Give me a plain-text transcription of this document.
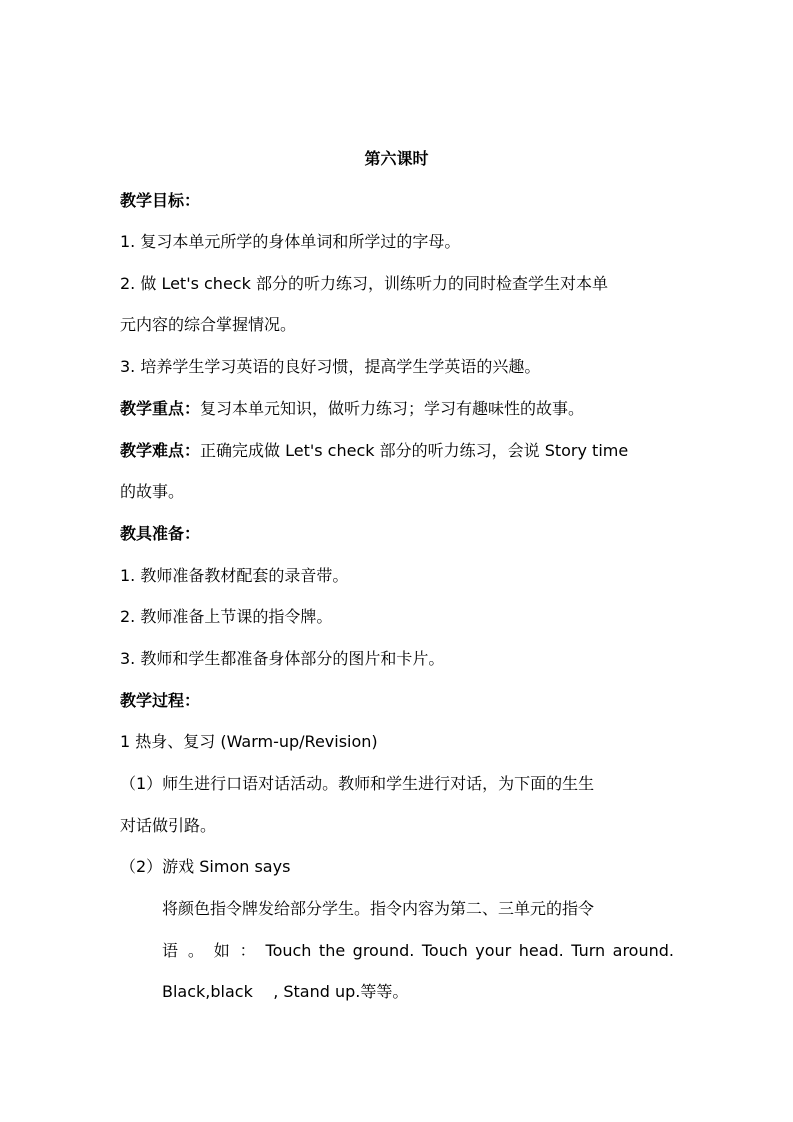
第六课时
教学目标：
1. 复习本单元所学的身体单词和所学过的字母。
2. 做 Let's check 部分的听力练习，训练听力的同时检查学生对本单
元内容的综合掌握情况。
3. 培养学生学习英语的良好习惯，提高学生学英语的兴趣。
教学重点：复习本单元知识，做听力练习；学习有趣味性的故事。
教学难点：正确完成做 Let's check 部分的听力练习，会说 Story time
的故事。
教具准备：
1. 教师准备教材配套的录音带。
2. 教师准备上节课的指令牌。
3. 教师和学生都准备身体部分的图片和卡片。
教学过程：
1 热身、复习 (Warm-up/Revision)
（1）师生进行口语对话活动。教师和学生进行对话，为下面的生生
对话做引路。
（2）游戏 Simon says
将颜色指令牌发给部分学生。指令内容为第二、三单元的指令
语 。 如 ： Touch the ground. Touch your head. Turn around.
Black,black    , Stand up.等等。
